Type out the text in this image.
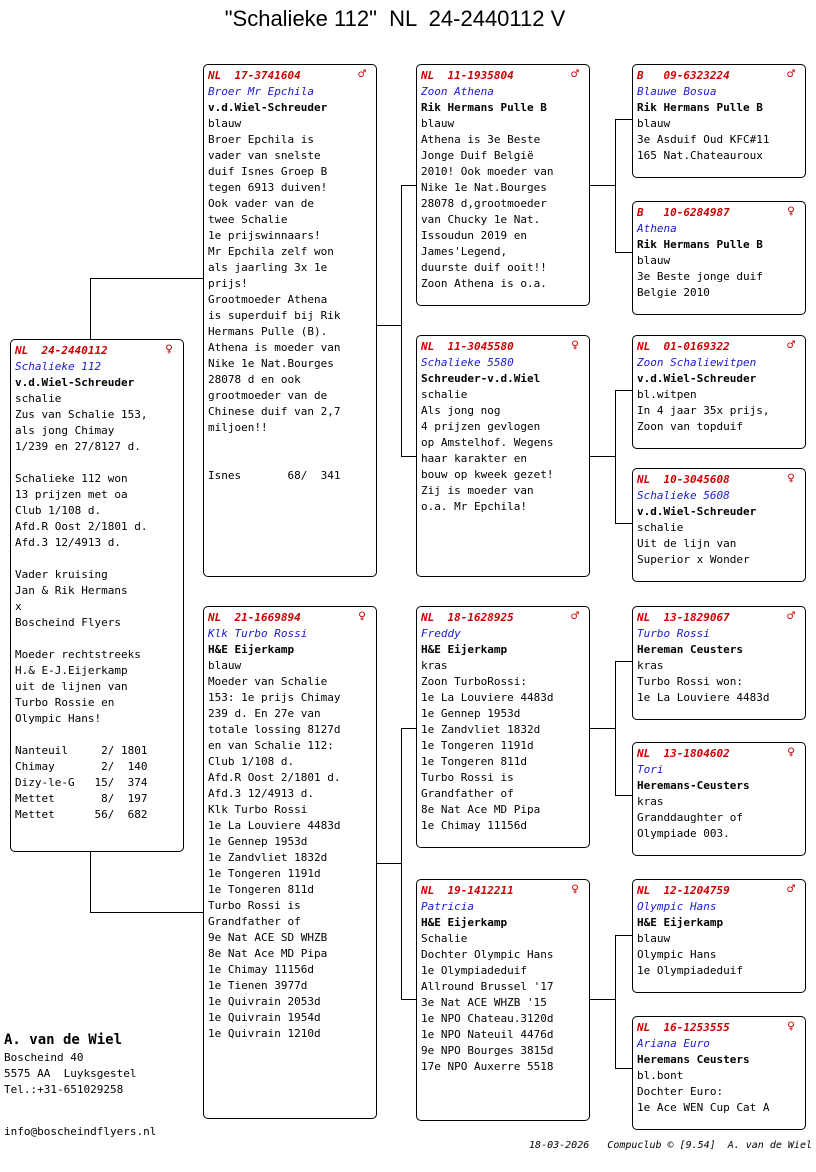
"Schalieke 112"  NL  24-2440112 V
NL  24-2440112
Schalieke 112
v.d.Wiel-Schreuder
schalie
Zus van Schalie 153,
als jong Chimay
1/239 en 27/8127 d.
Schalieke 112 won
13 prijzen met oa
Club 1/108 d.
Afd.R Oost 2/1801 d.
Afd.3 12/4913 d.
Vader kruising
Jan & Rik Hermans
x
Boscheind Flyers
Moeder rechtstreeks
H.& E-J.Eijerkamp
uit de lijnen van
Turbo Rossie en
Olympic Hans!
Nanteuil     2/ 1801
Chimay       2/  140
Dizy-le-G   15/  374
Mettet       8/  197
Mettet      56/  682
♀
NL  17-3741604
Broer Mr Epchila
v.d.Wiel-Schreuder
blauw
Broer Epchila is
vader van snelste
duif Isnes Groep B
tegen 6913 duiven!
Ook vader van de
twee Schalie
1e prijswinnaars!
Mr Epchila zelf won
als jaarling 3x 1e
prijs!
Grootmoeder Athena
is superduif bij Rik
Hermans Pulle (B).
Athena is moeder van
Nike 1e Nat.Bourges
28078 d en ook
grootmoeder van de
Chinese duif van 2,7
miljoen!!
Isnes       68/  341
♂
♀
NL  21-1669894
Klk Turbo Rossi
H&E Eijerkamp
blauw
Moeder van Schalie
153: 1e prijs Chimay
239 d. En 27e van
totale lossing 8127d
en van Schalie 112:
Club 1/108 d.
Afd.R Oost 2/1801 d.
Afd.3 12/4913 d.
Klk Turbo Rossi
1e La Louviere 4483d
1e Gennep 1953d
1e Zandvliet 1832d
1e Tongeren 1191d
1e Tongeren 811d
Turbo Rossi is
Grandfather of
9e Nat ACE SD WHZB
8e Nat Ace MD Pipa
1e Chimay 11156d
1e Tienen 3977d
1e Quivrain 2053d
1e Quivrain 1954d
1e Quivrain 1210d
♂
NL  11-1935804
Zoon Athena
Rik Hermans Pulle B
blauw
Athena is 3e Beste
Jonge Duif België
2010! Ook moeder van
Nike 1e Nat.Bourges
28078 d,grootmoeder
van Chucky 1e Nat.
Issoudun 2019 en
James'Legend,
duurste duif ooit!!
Zoon Athena is o.a.
♀
NL  11-3045580
Schalieke 5580
Schreuder-v.d.Wiel
schalie
Als jong nog
4 prijzen gevlogen
op Amstelhof. Wegens
haar karakter en
bouw op kweek gezet!
Zij is moeder van
o.a. Mr Epchila!
♂
NL  18-1628925
Freddy
H&E Eijerkamp
kras
Zoon TurboRossi:
1e La Louviere 4483d
1e Gennep 1953d
1e Zandvliet 1832d
1e Tongeren 1191d
1e Tongeren 811d
Turbo Rossi is
Grandfather of
8e Nat Ace MD Pipa
1e Chimay 11156d
♀
NL  19-1412211
Patricia
H&E Eijerkamp
Schalie
Dochter Olympic Hans
1e Olympiadeduif
Allround Brussel '17
3e Nat ACE WHZB '15
1e NPO Chateau.3120d
1e NPO Nateuil 4476d
9e NPO Bourges 3815d
17e NPO Auxerre 5518
♂
B   09-6323224
Blauwe Bosua
Rik Hermans Pulle B
blauw
3e Asduif Oud KFC#11
165 Nat.Chateauroux
♀
B   10-6284987
Athena
Rik Hermans Pulle B
blauw
3e Beste jonge duif
Belgie 2010
♂
NL  01-0169322
Zoon Schaliewitpen
v.d.Wiel-Schreuder
bl.witpen
In 4 jaar 35x prijs,
Zoon van topduif
♀
NL  10-3045608
Schalieke 5608
v.d.Wiel-Schreuder
schalie
Uit de lijn van
Superior x Wonder
♂
NL  13-1829067
Turbo Rossi
Hereman Ceusters
kras
Turbo Rossi won:
1e La Louviere 4483d
♀
NL  13-1804602
Tori
Heremans-Ceusters
kras
Granddaughter of
Olympiade 003.
♂
NL  12-1204759
Olympic Hans
H&E Eijerkamp
blauw
Olympic Hans
1e Olympiadeduif
♀
NL  16-1253555
Ariana Euro
Heremans Ceusters
bl.bont
Dochter Euro:
1e Ace WEN Cup Cat A
A. van de Wiel
Boscheind 40
5575 AA  Luyksgestel
Tel.:+31-651029258
info@boscheindflyers.nl
18-03-2026   Compuclub © [9.54]  A. van de Wiel
